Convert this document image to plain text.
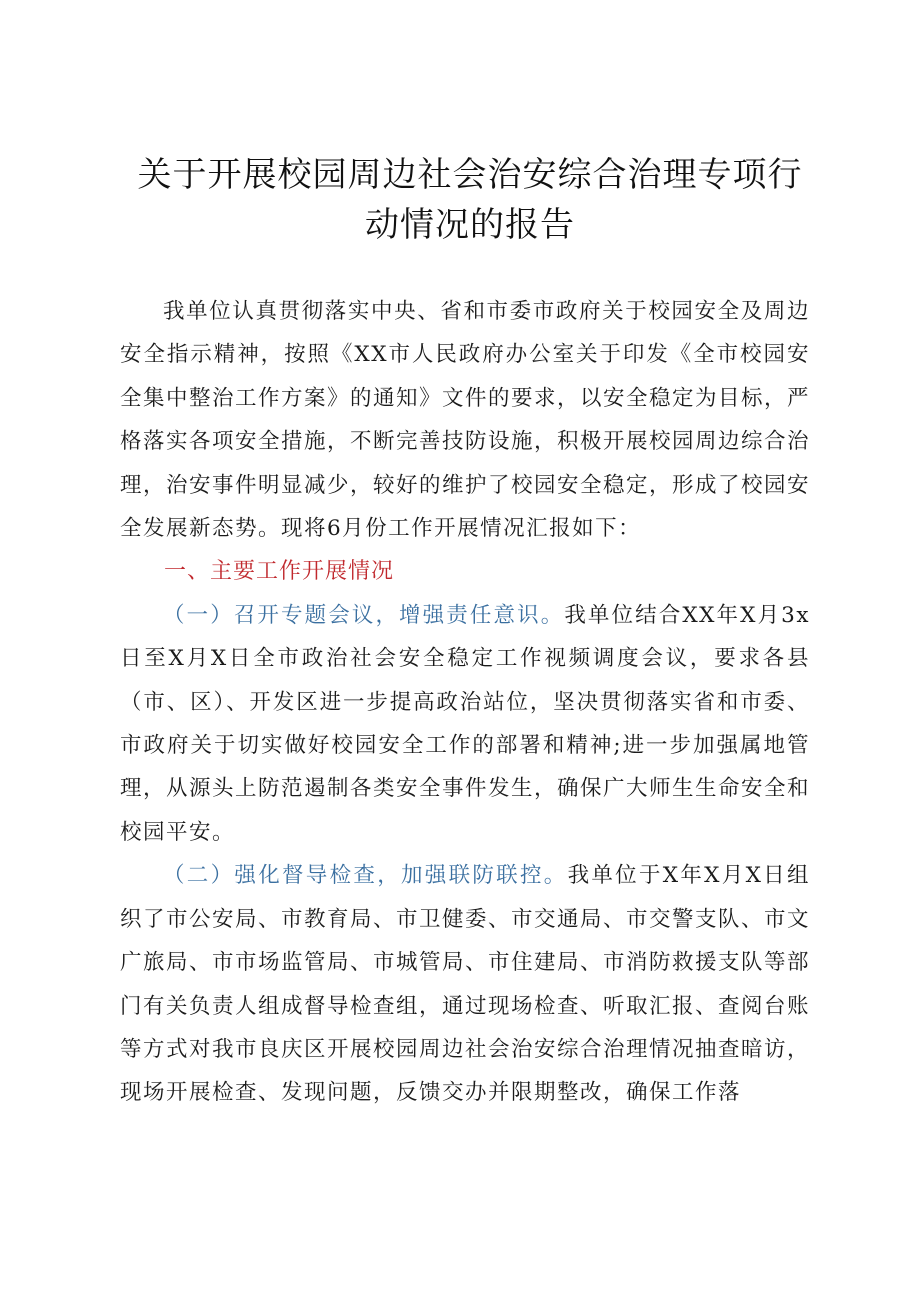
关于开展校园周边社会治安综合治理专项行
动情况的报告

我单位认真贯彻落实中央、省和市委市政府关于校园安全及周边安全指示精神，按照《XX市人民政府办公室关于印发《全市校园安全集中整治工作方案》的通知》文件的要求，以安全稳定为目标，严格落实各项安全措施，不断完善技防设施，积极开展校园周边综合治理，治安事件明显减少，较好的维护了校园安全稳定，形成了校园安全发展新态势。现将6月份工作开展情况汇报如下：

一、主要工作开展情况

（一）召开专题会议，增强责任意识。我单位结合XX年X月3x日至X月X日全市政治社会安全稳定工作视频调度会议，要求各县（市、区）、开发区进一步提高政治站位，坚决贯彻落实省和市委、市政府关于切实做好校园安全工作的部署和精神;进一步加强属地管理，从源头上防范遏制各类安全事件发生，确保广大师生生命安全和校园平安。

（二）强化督导检查，加强联防联控。我单位于X年X月X日组织了市公安局、市教育局、市卫健委、市交通局、市交警支队、市文广旅局、市市场监管局、市城管局、市住建局、市消防救援支队等部门有关负责人组成督导检查组，通过现场检查、听取汇报、查阅台账等方式对我市良庆区开展校园周边社会治安综合治理情况抽查暗访，现场开展检查、发现问题，反馈交办并限期整改，确保工作落
